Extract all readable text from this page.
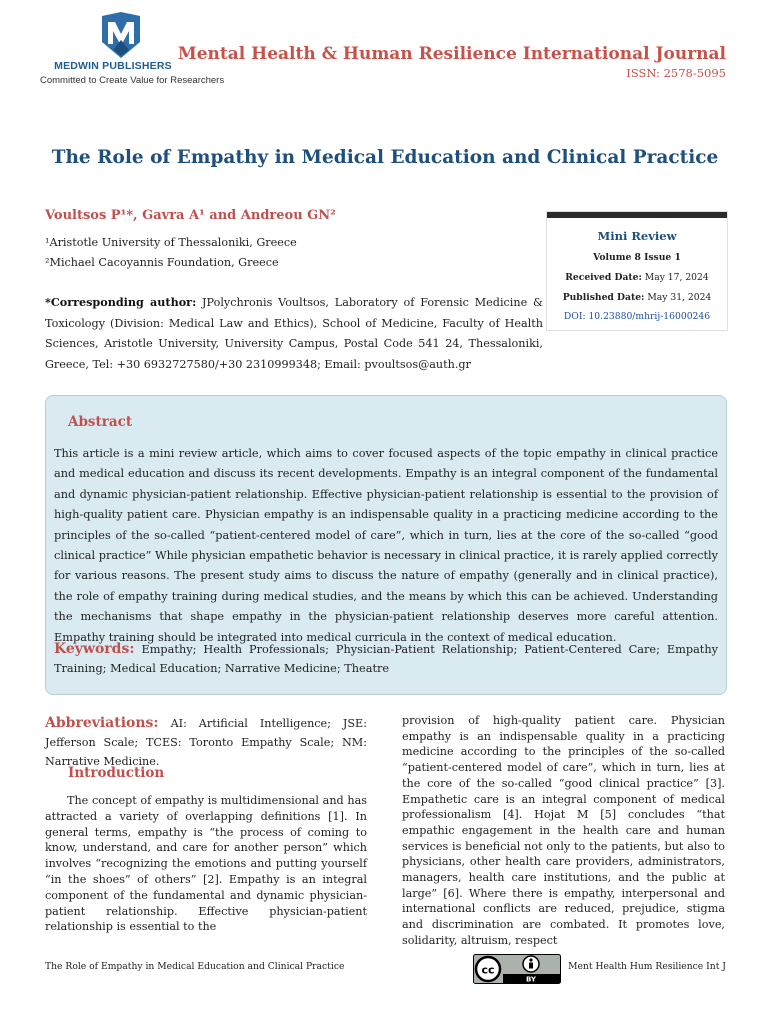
MEDWIN PUBLISHERS
Committed to Create Value for Researchers
Mental Health & Human Resilience International Journal
ISSN: 2578-5095
The Role of Empathy in Medical Education and Clinical Practice
Voultsos P¹*, Gavra A¹ and Andreou GN²
¹Aristotle University of Thessaloniki, Greece
²Michael Cacoyannis Foundation, Greece
*Corresponding author: JPolychronis Voultsos, Laboratory of Forensic Medicine & Toxicology (Division: Medical Law and Ethics), School of Medicine, Faculty of Health Sciences, Aristotle University, University Campus, Postal Code 541 24, Thessaloniki, Greece, Tel: +30 6932727580/+30 2310999348; Email: pvoultsos@auth.gr
Mini Review
Volume 8 Issue 1
Received Date: May 17, 2024
Published Date: May 31, 2024
DOI: 10.23880/mhrij-16000246
Abstract
This article is a mini review article, which aims to cover focused aspects of the topic empathy in clinical practice and medical education and discuss its recent developments. Empathy is an integral component of the fundamental and dynamic physician-patient relationship. Effective physician-patient relationship is essential to the provision of high-quality patient care. Physician empathy is an indispensable quality in a practicing medicine according to the principles of the so-called “patient-centered model of care”, which in turn, lies at the core of the so-called “good clinical practice” While physician empathetic behavior is necessary in clinical practice, it is rarely applied correctly for various reasons. The present study aims to discuss the nature of empathy (generally and in clinical practice), the role of empathy training during medical studies, and the means by which this can be achieved. Understanding the mechanisms that shape empathy in the physician-patient relationship deserves more careful attention. Empathy training should be integrated into medical curricula in the context of medical education.
Keywords: Empathy; Health Professionals; Physician-Patient Relationship; Patient-Centered Care; Empathy Training; Medical Education; Narrative Medicine; Theatre
Abbreviations: AI: Artificial Intelligence; JSE: Jefferson Scale; TCES: Toronto Empathy Scale; NM: Narrative Medicine.
Introduction
The concept of empathy is multidimensional and has attracted a variety of overlapping definitions [1]. In general terms, empathy is “the process of coming to know, understand, and care for another person” which involves “recognizing the emotions and putting yourself “in the shoes” of others” [2]. Empathy is an integral component of the fundamental and dynamic physician-patient relationship. Effective physician-patient relationship is essential to the
provision of high-quality patient care. Physician empathy is an indispensable quality in a practicing medicine according to the principles of the so-called “patient-centered model of care”, which in turn, lies at the core of the so-called “good clinical practice” [3]. Empathetic care is an integral component of medical professionalism [4]. Hojat M [5] concludes “that empathic engagement in the health care and human services is beneficial not only to the patients, but also to physicians, other health care providers, administrators, managers, health care institutions, and the public at large” [6]. Where there is empathy, interpersonal and international conflicts are reduced, prejudice, stigma and discrimination are combated. It promotes love, solidarity, altruism, respect
The Role of Empathy in Medical Education and Clinical Practice	cc
BY
Ment Health Hum Resilience Int J
